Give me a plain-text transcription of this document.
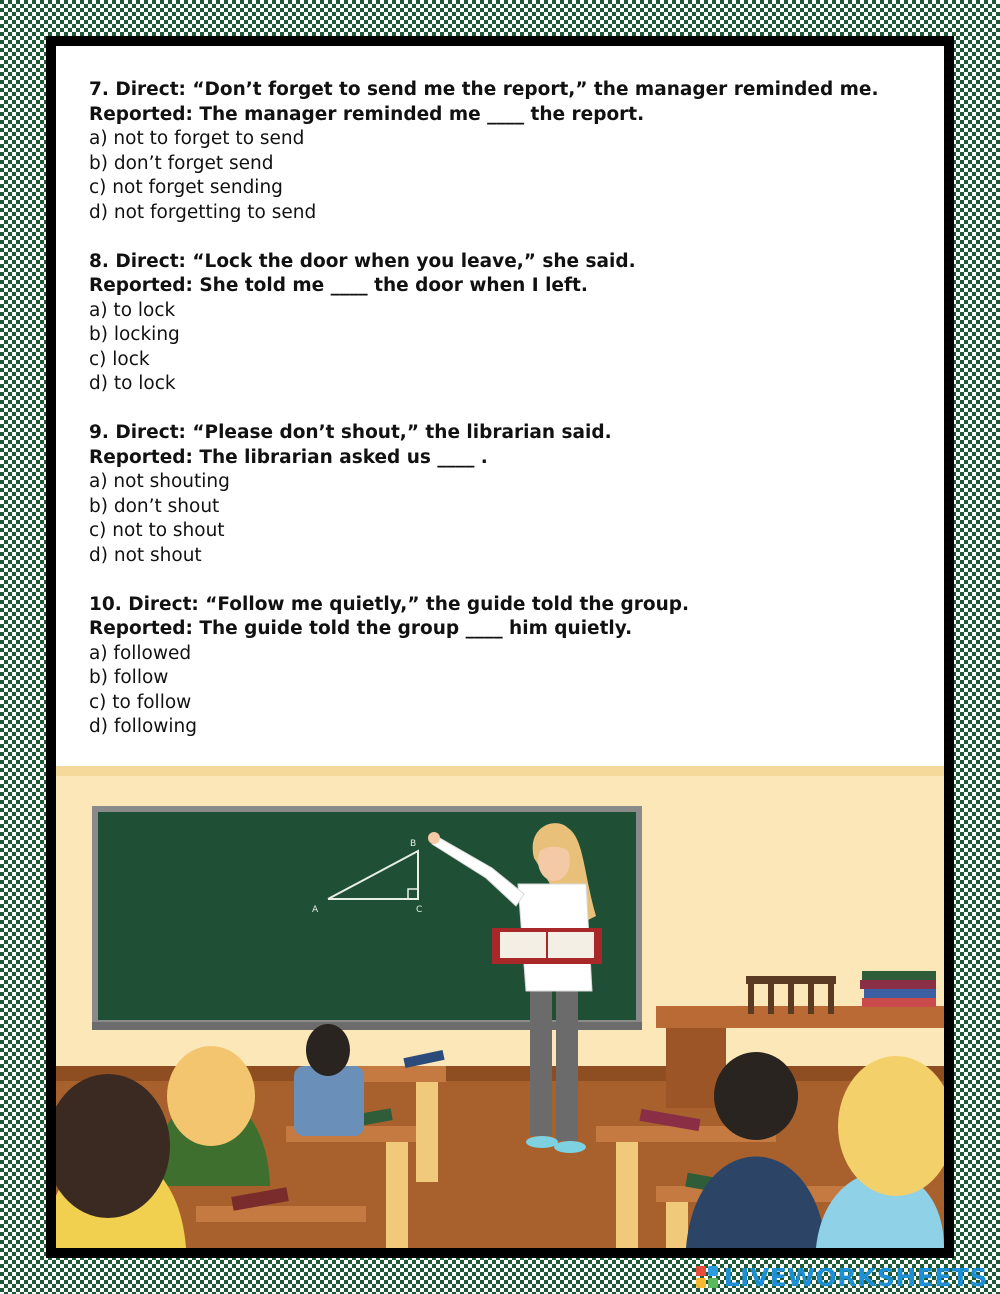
7. Direct: “Don’t forget to send me the report,” the manager reminded me.
Reported: The manager reminded me ____ the report.
a) not to forget to send
b) don’t forget send
c) not forget sending
d) not forgetting to send
8. Direct: “Lock the door when you leave,” she said.
Reported: She told me ____ the door when I left.
a) to lock
b) locking
c) lock
d) to lock
9. Direct: “Please don’t shout,” the librarian said.
Reported: The librarian asked us ____ .
a) not shouting
b) don’t shout
c) not to shout
d) not shout
10. Direct: “Follow me quietly,” the guide told the group.
Reported: The guide told the group ____ him quietly.
a) followed
b) follow
c) to follow
d) following
A
B
C
LIVEWORKSHEETS
